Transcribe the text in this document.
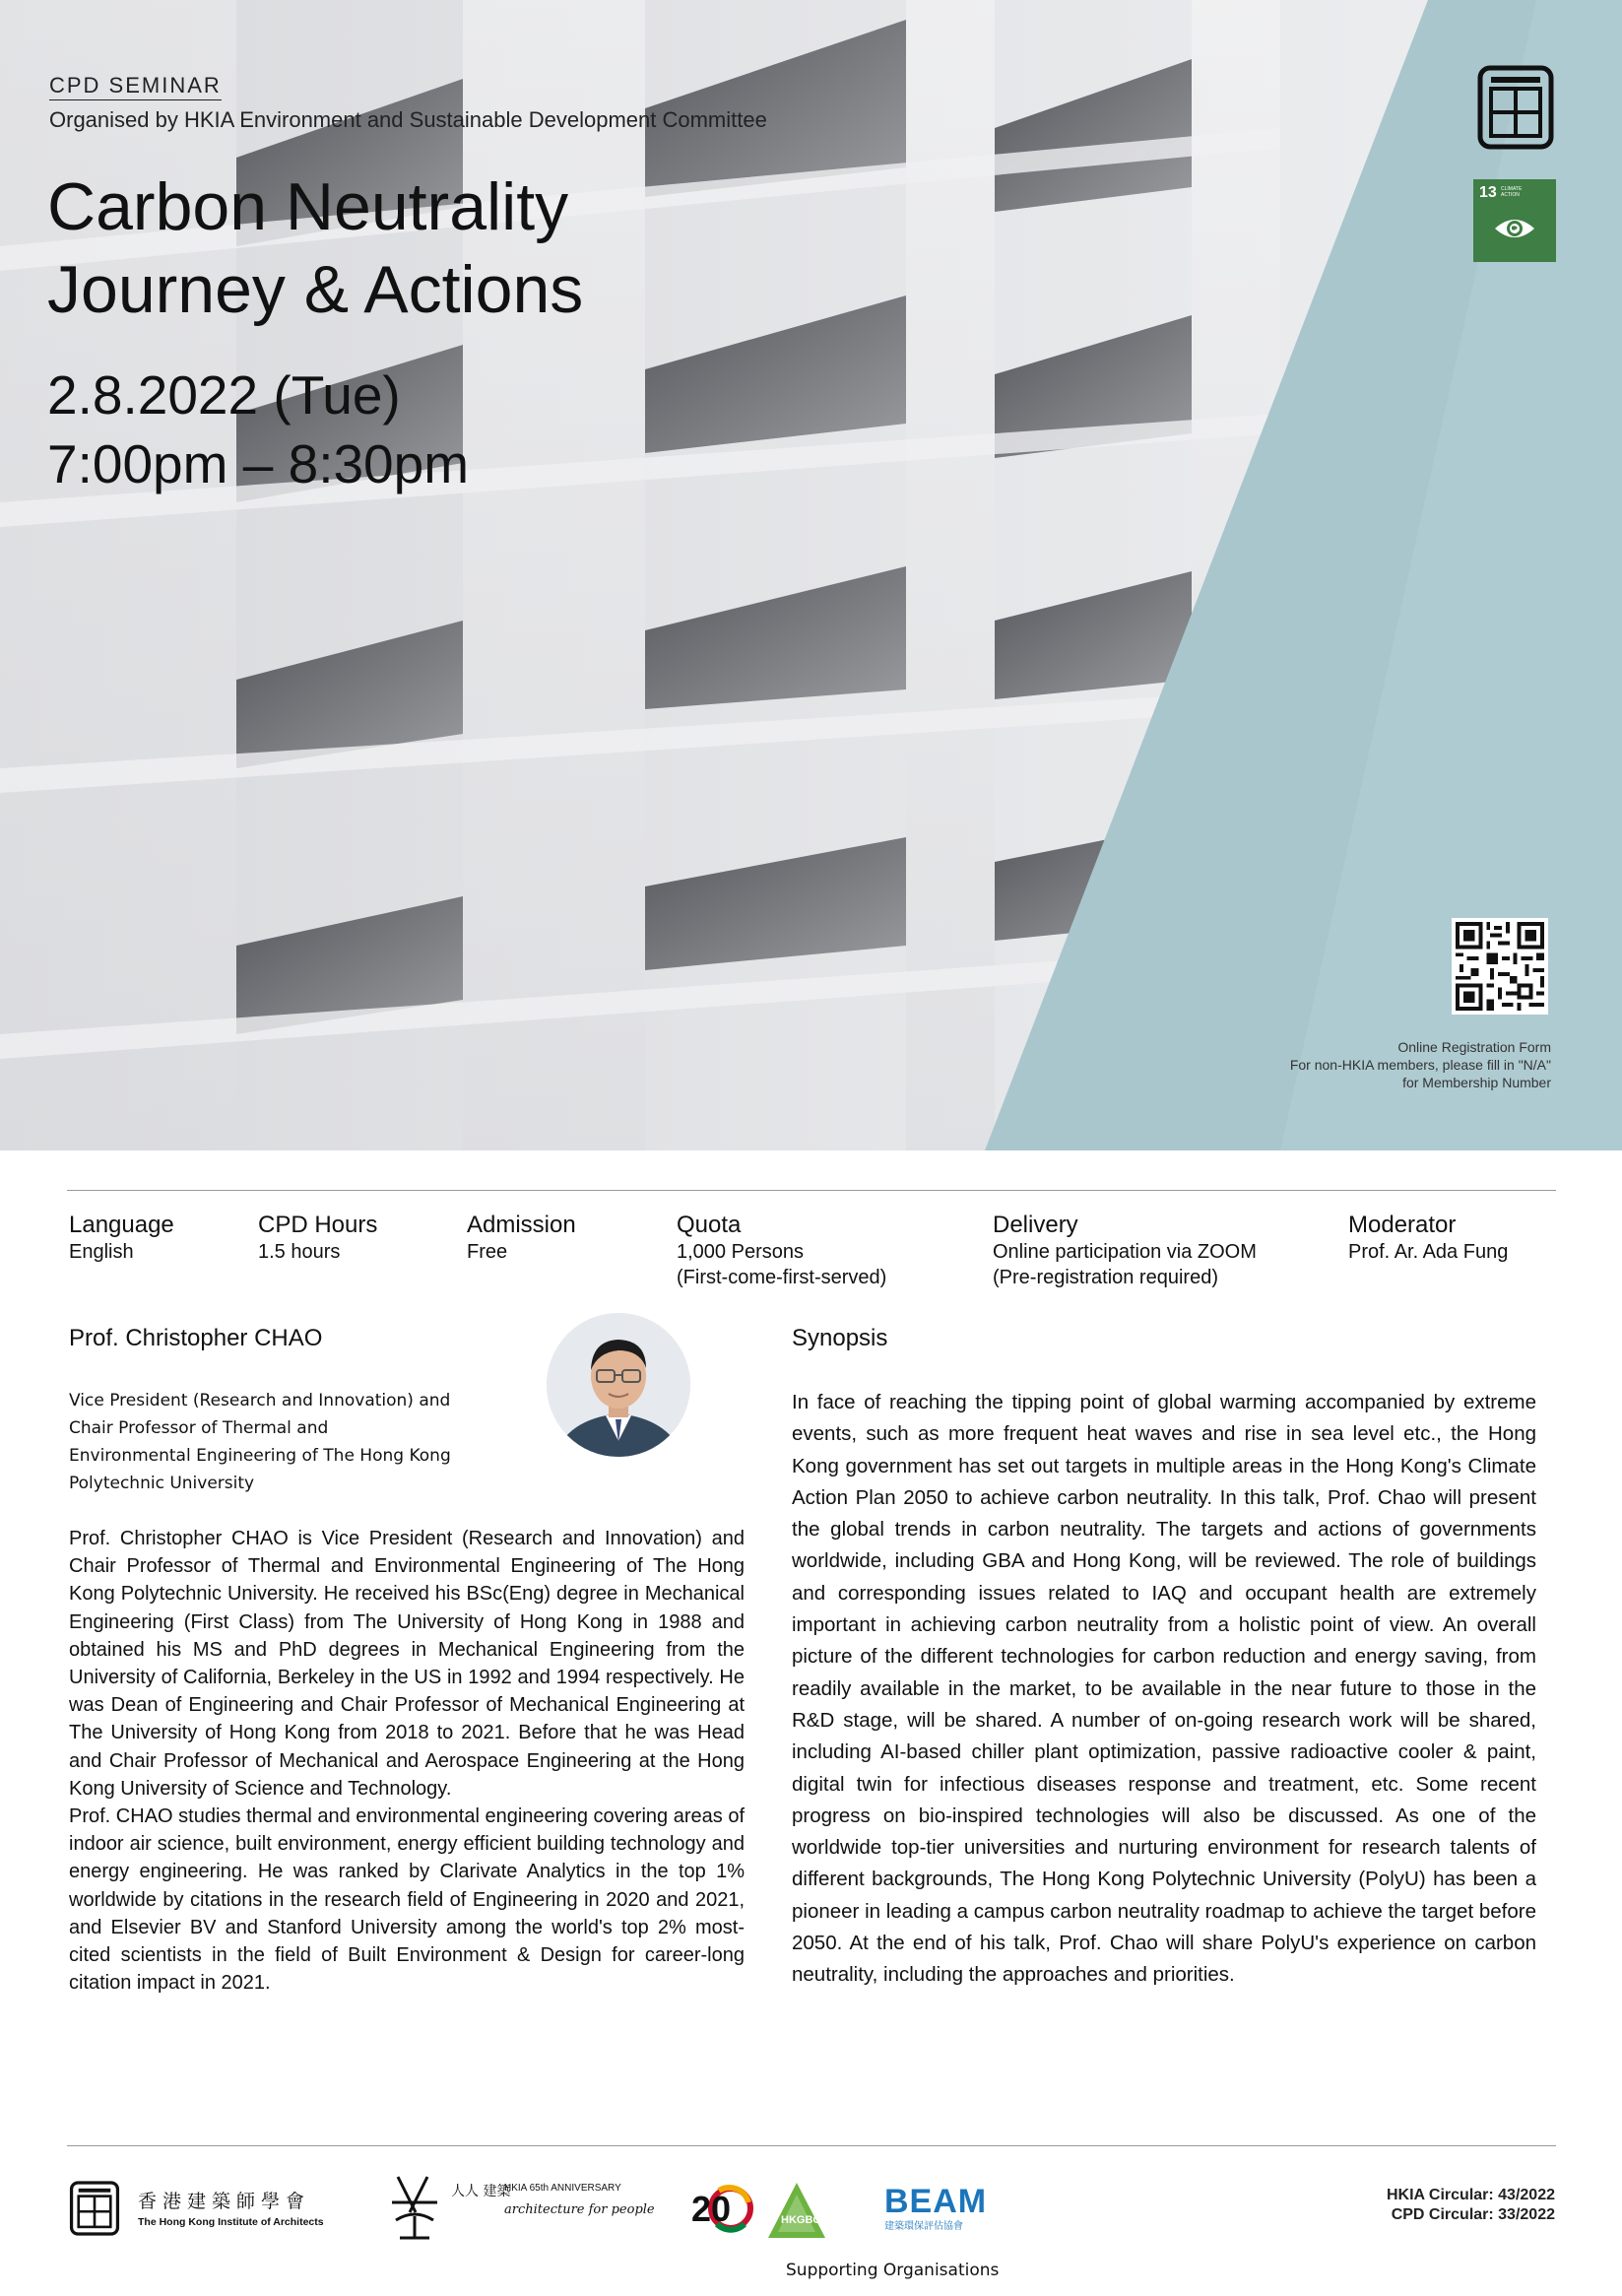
CPD SEMINAR
Organised by HKIA Environment and Sustainable Development Committee
Carbon Neutrality
Journey & Actions
2.8.2022 (Tue)
7:00pm – 8:30pm
13 CLIMATE ACTION
Online Registration Form
For non-HKIA members, please fill in "N/A"
for Membership Number
Language
English
CPD Hours
1.5 hours
Admission
Free
Quota
1,000 Persons
(First-come-first-served)
Delivery
Online participation via ZOOM
(Pre-registration required)
Moderator
Prof. Ar. Ada Fung
Prof. Christopher CHAO
Vice President (Research and Innovation) and
Chair Professor of Thermal and
Environmental Engineering of The Hong Kong
Polytechnic University

Prof. Christopher CHAO is Vice President (Research and Innovation) and Chair Professor of Thermal and Environmental Engineering of The Hong Kong Polytechnic University. He received his BSc(Eng) degree in Mechanical Engineering (First Class) from The University of Hong Kong in 1988 and obtained his MS and PhD degrees in Mechanical Engineering from the University of California, Berkeley in the US in 1992 and 1994 respectively. He was Dean of Engineering and Chair Professor of Mechanical Engineering at The University of Hong Kong from 2018 to 2021. Before that he was Head and Chair Professor of Mechanical and Aerospace Engineering at the Hong Kong University of Science and Technology.

Prof. CHAO studies thermal and environmental engineering covering areas of indoor air science, built environment, energy efficient building technology and energy engineering. He was ranked by Clarivate Analytics in the top 1% worldwide by citations in the research field of Engineering in 2020 and 2021, and Elsevier BV and Stanford University among the world's top 2% most-cited scientists in the field of Built Environment & Design for career-long citation impact in 2021.

Synopsis
In face of reaching the tipping point of global warming accompanied by extreme events, such as more frequent heat waves and rise in sea level etc., the Hong Kong government has set out targets in multiple areas in the Hong Kong's Climate Action Plan 2050 to achieve carbon neutrality. In this talk, Prof. Chao will present the global trends in carbon neutrality. The targets and actions of governments worldwide, including GBA and Hong Kong, will be reviewed. The role of buildings and corresponding issues related to IAQ and occupant health are extremely important in achieving carbon neutrality from a holistic point of view. An overall picture of the different technologies for carbon reduction and energy saving, from readily available in the market, to be available in the near future to those in the R&D stage, will be shared. A number of on-going research work will be shared, including AI-based chiller plant optimization, passive radioactive cooler & paint, digital twin for infectious diseases response and treatment, etc. Some recent progress on bio-inspired technologies will also be discussed. As one of the worldwide top-tier universities and nurturing environment for research talents of different backgrounds, The Hong Kong Polytechnic University (PolyU) has been a pioneer in leading a campus carbon neutrality roadmap to achieve the target before 2050. At the end of his talk, Prof. Chao will share PolyU's experience on carbon neutrality, including the approaches and priorities.
香港建築師學會
The Hong Kong Institute of Architects
人人 建築
HKIA 65th ANNIVERSARY
architecture for people 20	HKGBC BEAM
建築環保評估協會
Supporting Organisations
HKIA Circular: 43/2022
CPD Circular: 33/2022
